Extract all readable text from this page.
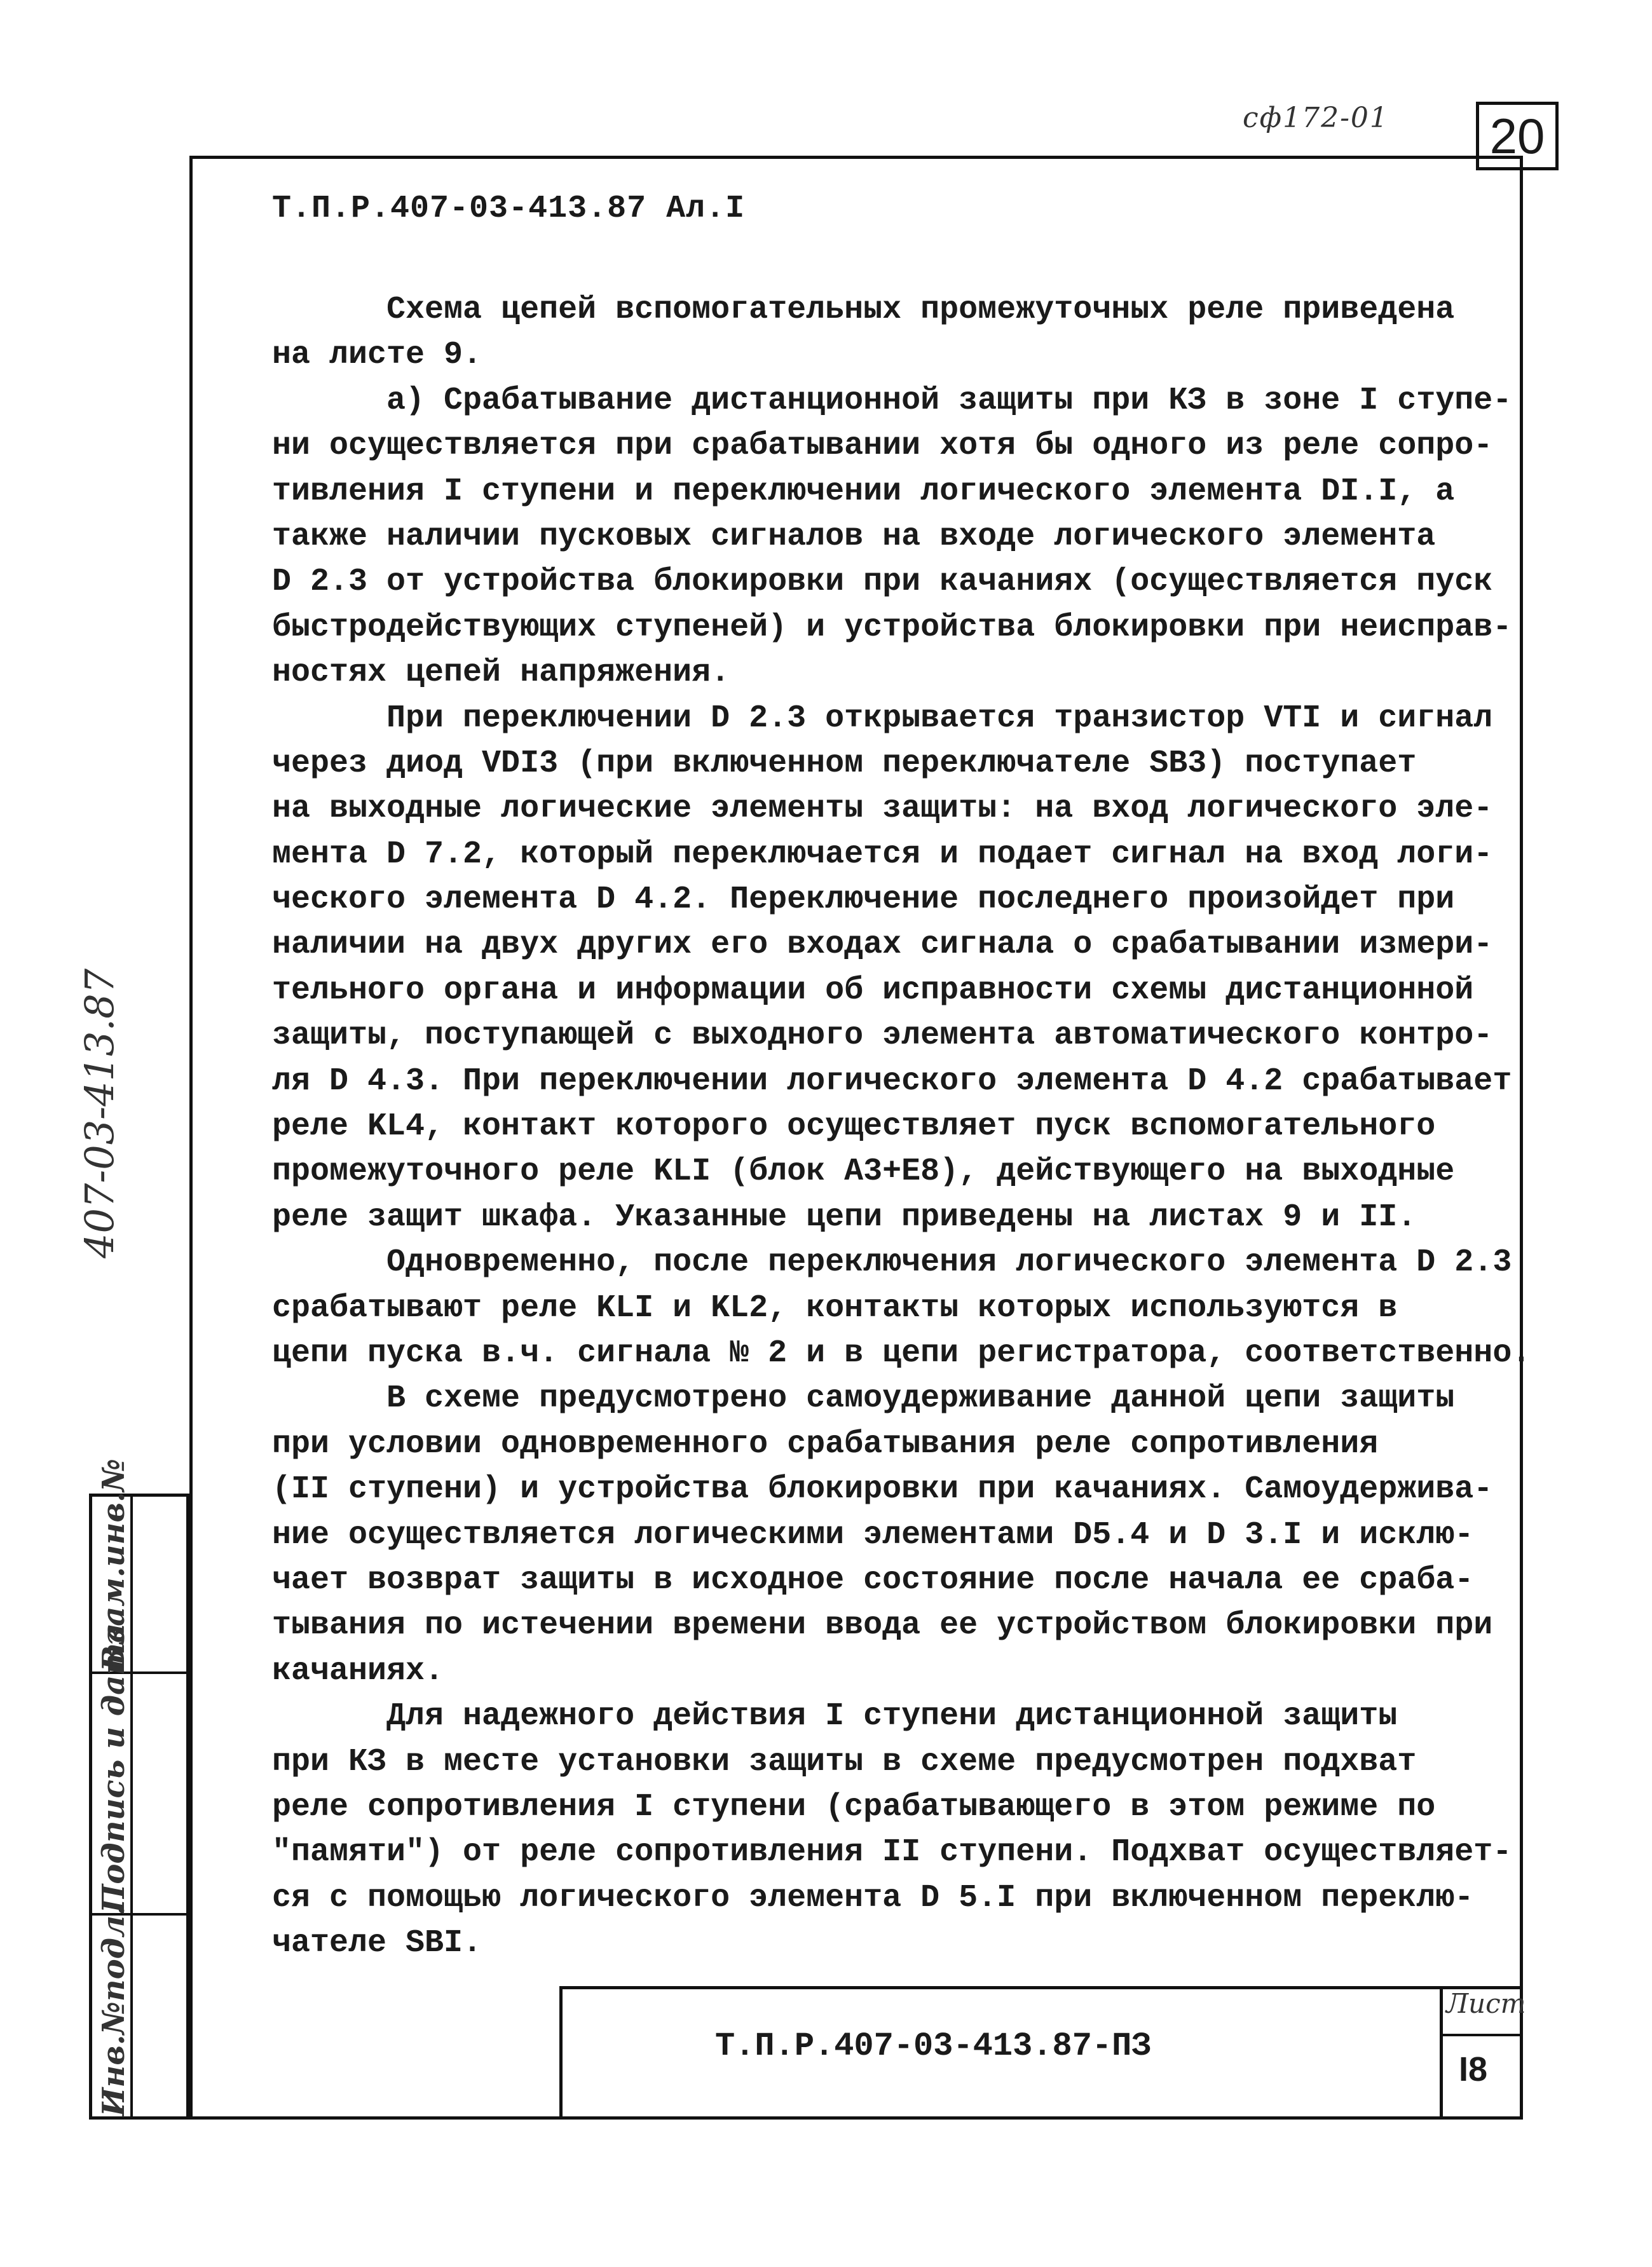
сф172-01 20
Т.П.Р.407-03-413.87 Ал.I
Схема цепей вспомогательных промежуточных реле приведена
на листе 9.
а) Срабатывание дистанционной защиты при КЗ в зоне I ступе-
ни осуществляется при срабатывании хотя бы одного из реле сопро-
тивления I ступени и переключении логического элемента DI.I, а
также наличии пусковых сигналов на входе логического элемента
D 2.3 от устройства блокировки при качаниях (осуществляется пуск
быстродействующих ступеней) и устройства блокировки при неисправ-
ностях цепей напряжения.
При переключении D 2.3 открывается транзистор VTI и сигнал
через диод VDI3 (при включенном переключателе SB3) поступает
на выходные логические элементы защиты: на вход логического эле-
мента D 7.2, который переключается и подает сигнал на вход логи-
ческого элемента D 4.2. Переключение последнего произойдет при
наличии на двух других его входах сигнала о срабатывании измери-
тельного органа и информации об исправности схемы дистанционной
защиты, поступающей с выходного элемента автоматического контро-
ля D 4.3. При переключении логического элемента D 4.2 срабатывает
реле KL4, контакт которого осуществляет пуск вспомогательного
промежуточного реле KLI (блок А3+Е8), действующего на выходные
реле защит шкафа. Указанные цепи приведены на листах 9 и II.
Одновременно, после переключения логического элемента D 2.3
срабатывают реле KLI и KL2, контакты которых используются в
цепи пуска в.ч. сигнала № 2 и в цепи регистратора, соответственно.
В схеме предусмотрено самоудерживание данной цепи защиты
при условии одновременного срабатывания реле сопротивления
(II ступени) и устройства блокировки при качаниях. Самоудержива-
ние осуществляется логическими элементами D5.4 и D 3.I и исклю-
чает возврат защиты в исходное состояние после начала ее сраба-
тывания по истечении времени ввода ее устройством блокировки при
качаниях.
Для надежного действия I ступени дистанционной защиты
при КЗ в месте установки защиты в схеме предусмотрен подхват
реле сопротивления I ступени (срабатывающего в этом режиме по
"памяти") от реле сопротивления II ступени. Подхват осуществляет-
ся с помощью логического элемента D 5.I при включенном переклю-
чателе SBI.
407-03-413.87
Взам.инв.№
Подпись и дата
Инв.№подл.	Т.П.Р.407-03-413.87-ПЗ
Лист
I8
